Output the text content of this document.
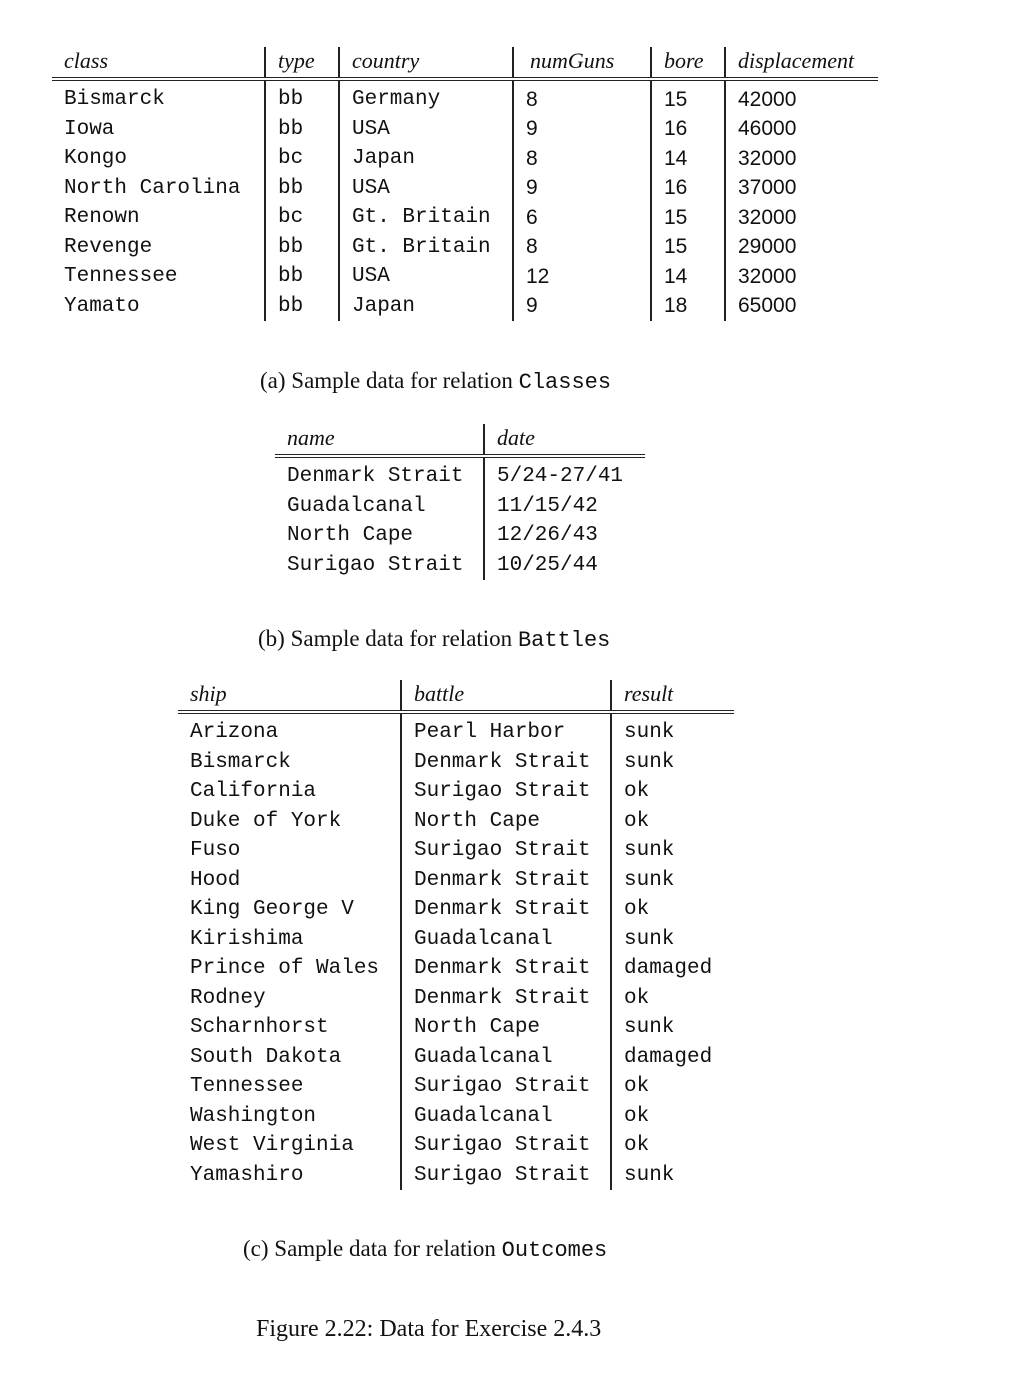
class	type	country	numGuns	bore	displacement
Bismarck	bb	Germany	8	15	42000
Iowa	bb	USA	9	16	46000
Kongo	bc	Japan	8	14	32000
North Carolina	bb	USA	9	16	37000
Renown	bc	Gt. Britain	6	15	32000
Revenge	bb	Gt. Britain	8	15	29000
Tennessee	bb	USA	12	14	32000
Yamato	bb	Japan	9	18	65000
(a) Sample data for relation Classes
name	date
Denmark Strait	5/24-27/41
Guadalcanal	11/15/42
North Cape	12/26/43
Surigao Strait	10/25/44
(b) Sample data for relation Battles
ship	battle	result
Arizona	Pearl Harbor	sunk
Bismarck	Denmark Strait	sunk
California	Surigao Strait	ok
Duke of York	North Cape	ok
Fuso	Surigao Strait	sunk
Hood	Denmark Strait	sunk
King George V	Denmark Strait	ok
Kirishima	Guadalcanal	sunk
Prince of Wales	Denmark Strait	damaged
Rodney	Denmark Strait	ok
Scharnhorst	North Cape	sunk
South Dakota	Guadalcanal	damaged
Tennessee	Surigao Strait	ok
Washington	Guadalcanal	ok
West Virginia	Surigao Strait	ok
Yamashiro	Surigao Strait	sunk
(c) Sample data for relation Outcomes
Figure 2.22: Data for Exercise 2.4.3
